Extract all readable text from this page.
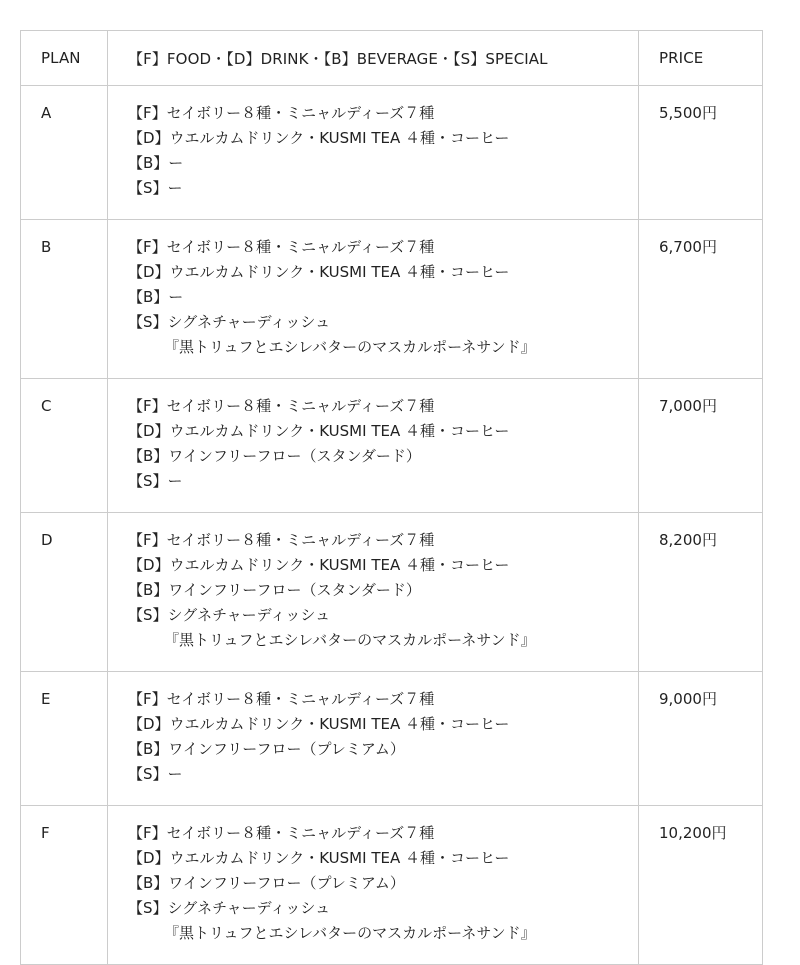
PLAN	【F】FOOD・【D】DRINK・【B】BEVERAGE・【S】SPECIAL	PRICE
A	【F】セイボリー８種・ミニャルディーズ７種
【D】ウエルカムドリンク・KUSMI TEA ４種・コーヒー
【B】ー
【S】ー	5,500円
B	【F】セイボリー８種・ミニャルディーズ７種
【D】ウエルカムドリンク・KUSMI TEA ４種・コーヒー
【B】ー
【S】シグネチャーディッシュ
『黒トリュフとエシレバターのマスカルポーネサンド』	6,700円
C	【F】セイボリー８種・ミニャルディーズ７種
【D】ウエルカムドリンク・KUSMI TEA ４種・コーヒー
【B】ワインフリーフロー（スタンダード）
【S】ー	7,000円
D	【F】セイボリー８種・ミニャルディーズ７種
【D】ウエルカムドリンク・KUSMI TEA ４種・コーヒー
【B】ワインフリーフロー（スタンダード）
【S】シグネチャーディッシュ
『黒トリュフとエシレバターのマスカルポーネサンド』	8,200円
E	【F】セイボリー８種・ミニャルディーズ７種
【D】ウエルカムドリンク・KUSMI TEA ４種・コーヒー
【B】ワインフリーフロー（プレミアム）
【S】ー	9,000円
F	【F】セイボリー８種・ミニャルディーズ７種
【D】ウエルカムドリンク・KUSMI TEA ４種・コーヒー
【B】ワインフリーフロー（プレミアム）
【S】シグネチャーディッシュ
『黒トリュフとエシレバターのマスカルポーネサンド』	10,200円
